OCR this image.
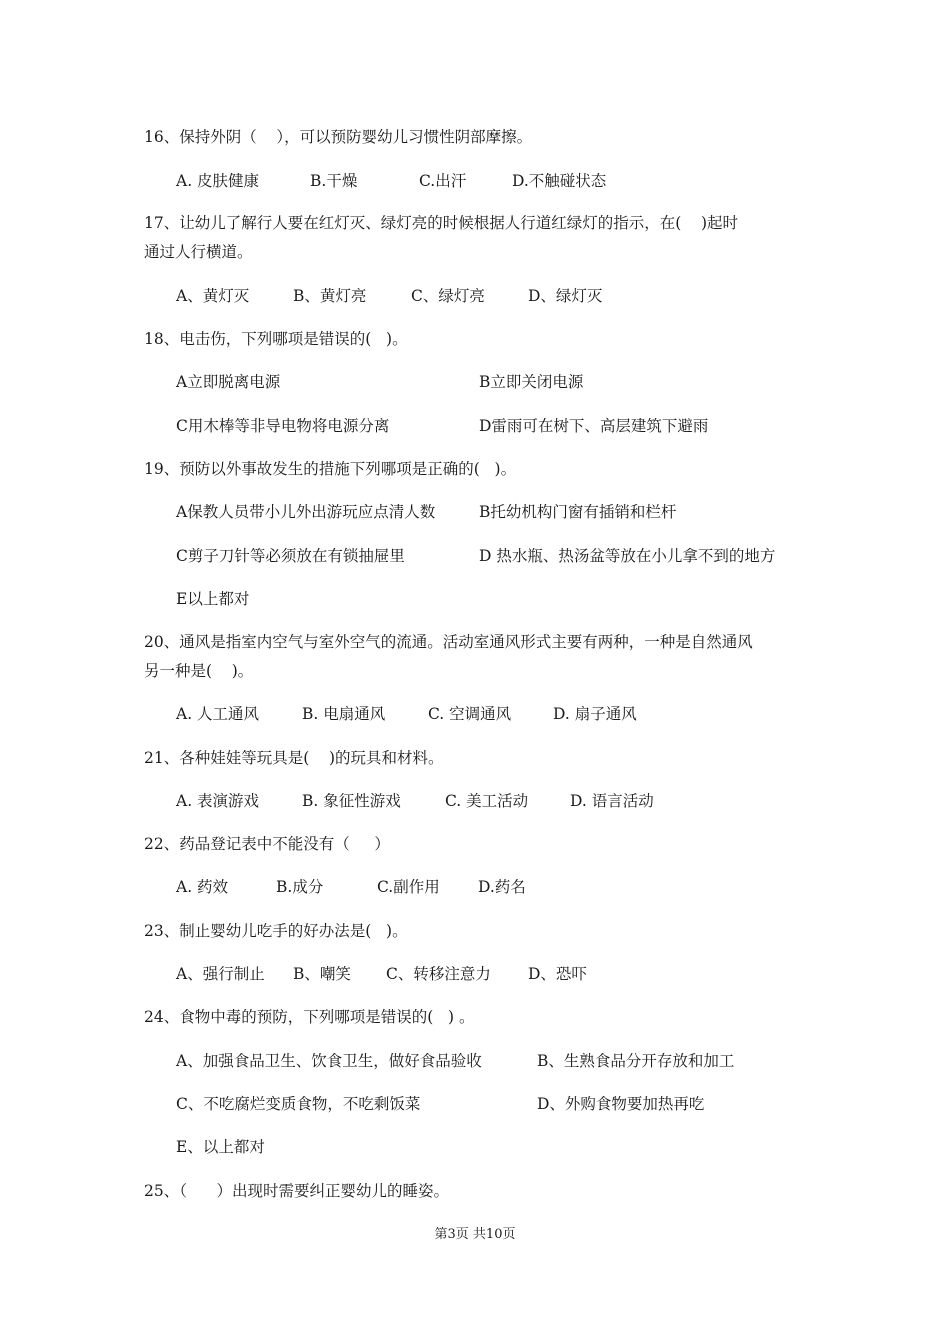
16、保持外阴（    ），可以预防婴幼儿习惯性阴部摩擦。
A. 皮肤健康	B.干燥	C.出汗	D.不触碰状态
17、让幼儿了解行人要在红灯灭、绿灯亮的时候根据人行道红绿灯的指示，在(    )起时
通过人行横道。
A、黄灯灭	B、黄灯亮	C、绿灯亮	D、绿灯灭
18、电击伤，下列哪项是错误的(   )。
A立即脱离电源	B立即关闭电源
C用木棒等非导电物将电源分离	D雷雨可在树下、高层建筑下避雨
19、预防以外事故发生的措施下列哪项是正确的(   )。
A保教人员带小儿外出游玩应点清人数	B托幼机构门窗有插销和栏杆
C剪子刀针等必须放在有锁抽屉里	D 热水瓶、热汤盆等放在小儿拿不到的地方
E以上都对
20、通风是指室内空气与室外空气的流通。活动室通风形式主要有两种，一种是自然通风
另一种是(    )。
A. 人工通风	B. 电扇通风	C. 空调通风	D. 扇子通风
21、各种娃娃等玩具是(    )的玩具和材料。
A. 表演游戏	B. 象征性游戏	C. 美工活动	D. 语言活动
22、药品登记表中不能没有（     ）
A. 药效	B.成分	C.副作用 D.药名
23、制止婴幼儿吃手的好办法是(   )。
A、强行制止 B、嘲笑 C、转移注意力 D、恐吓
24、食物中毒的预防，下列哪项是错误的(   ) 。
A、加强食品卫生、饮食卫生，做好食品验收	B、生熟食品分开存放和加工
C、不吃腐烂变质食物，不吃剩饭菜	D、外购食物要加热再吃
E、以上都对
25、（      ）出现时需要纠正婴幼儿的睡姿。
第3页 共10页
